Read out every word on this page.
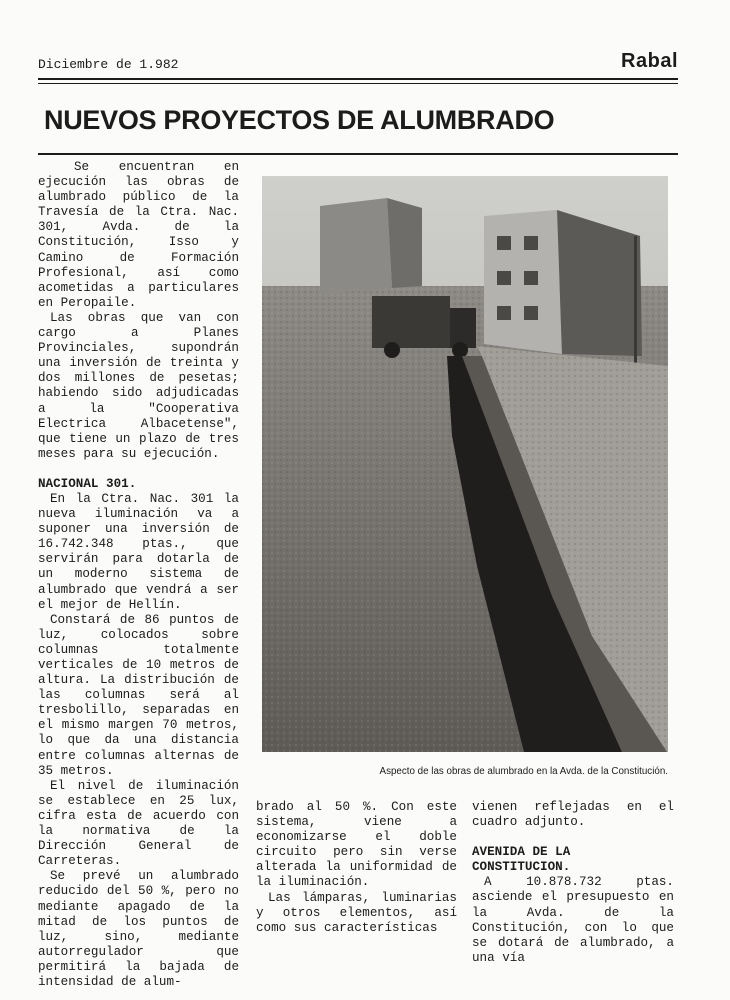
Diciembre de 1.982	Rabal
NUEVOS PROYECTOS DE ALUMBRADO

Se encuentran en ejecución las obras de alumbrado público de la Travesía de la Ctra. Nac. 301, Avda. de la Constitución, Isso y Camino de Formación Profesional, así como acometidas a particulares en Peropaile.

Las obras que van con cargo a Planes Provinciales, supondrán una inversión de treinta y dos millones de pesetas; habiendo sido adjudicadas a la "Cooperativa Electrica Albacetense", que tiene un plazo de tres meses para su ejecución.

NACIONAL 301.

En la Ctra. Nac. 301 la nueva iluminación va a suponer una inversión de 16.742.348 ptas., que servirán para dotarla de un moderno sistema de alumbrado que vendrá a ser el mejor de Hellín.

Constará de 86 puntos de luz, colocados sobre columnas totalmente verticales de 10 metros de altura. La distribución de las columnas será al tresbolillo, separadas en el mismo margen 70 metros, lo que da una distancia entre columnas alternas de 35 metros.

El nivel de iluminación se establece en 25 lux, cifra esta de acuerdo con la normativa de la Dirección General de Carreteras.

Se prevé un alumbrado reducido del 50 %, pero no mediante apagado de la mitad de los puntos de luz, sino, mediante autorregulador que permitirá la bajada de intensidad de alum-

Aspecto de las obras de alumbrado en la Avda. de la Constitución.

brado al 50 %. Con este sistema, viene a economizarse el doble circuito pero sin verse alterada la uniformidad de la iluminación.

Las lámparas, luminarias y otros elementos, así como sus características

vienen reflejadas en el cuadro adjunto.

AVENIDA DE LA CONSTITUCION.

A 10.878.732 ptas. asciende el presupuesto en la Avda. de la Constitución, con lo que se dotará de alumbrado, a una vía
